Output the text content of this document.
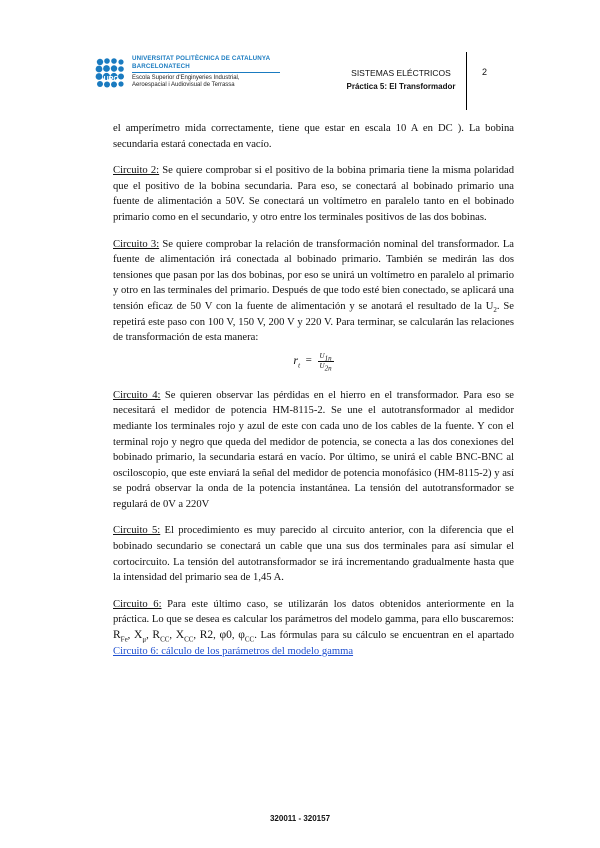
UPC
UNIVERSITAT POLITÈCNICA DE CATALUNYA
BARCELONATECH
Escola Superior d'Enginyeries Industrial,
Aeroespacial i Audiovisual de Terrassa
SISTEMAS ELÉCTRICOS
Práctica 5: El Transformador
2

el amperímetro mida correctamente, tiene que estar en escala 10 A en DC ). La bobina secundaria estará conectada en vacío.

Circuito 2: Se quiere comprobar si el positivo de la bobina primaria tiene la misma polaridad que el positivo de la bobina secundaria. Para eso, se conectará al bobinado primario una fuente de alimentación a 50V. Se conectará un voltímetro en paralelo tanto en el bobinado primario como en el secundario, y otro entre los terminales positivos de las dos bobinas.

Circuito 3: Se quiere comprobar la relación de transformación nominal del transformador. La fuente de alimentación irá conectada al bobinado primario. También se medirán las dos tensiones que pasan por las dos bobinas, por eso se unirá un voltímetro en paralelo al primario y otro en las terminales del primario. Después de que todo esté bien conectado, se aplicará una tensión eficaz de 50 V con la fuente de alimentación y se anotará el resultado de la $U_2$. Se repetirá este paso con 100 V, 150 V, 200 V y 220 V. Para terminar, se calcularán las relaciones de transformación de esta manera:

$r_t = \frac{U_{1n}}{U_{2n}}$

Circuito 4: Se quieren observar las pérdidas en el hierro en el transformador. Para eso se necesitará el medidor de potencia HM-8115-2. Se une el autotransformador al medidor mediante los terminales rojo y azul de este con cada uno de los cables de la fuente. Y con el terminal rojo y negro que queda del medidor de potencia, se conecta a las dos conexiones del bobinado primario, la secundaria estará en vacío. Por último, se unirá el cable BNC-BNC al osciloscopio, que este enviará la señal del medidor de potencia monofásico (HM-8115-2) y así se podrá observar la onda de la potencia instantánea. La tensión del autotransformador se regulará de 0V a 220V

Circuito 5: El procedimiento es muy parecido al circuito anterior, con la diferencia que el bobinado secundario se conectará un cable que una sus dos terminales para así simular el cortocircuito. La tensión del autotransformador se irá incrementando gradualmente hasta que la intensidad del primario sea de 1,45 A.

Circuito 6: Para este último caso, se utilizarán los datos obtenidos anteriormente en la práctica. Lo que se desea es calcular los parámetros del modelo gamma, para ello buscaremos: $R_{Fe}$, $X_\mu$, $R_{CC}$, $X_{CC}$, R2, φ0, $\varphi_{CC}$. Las fórmulas para su cálculo se encuentran en el apartado Circuito 6: cálculo de los parámetros del modelo gamma

320011 - 320157
